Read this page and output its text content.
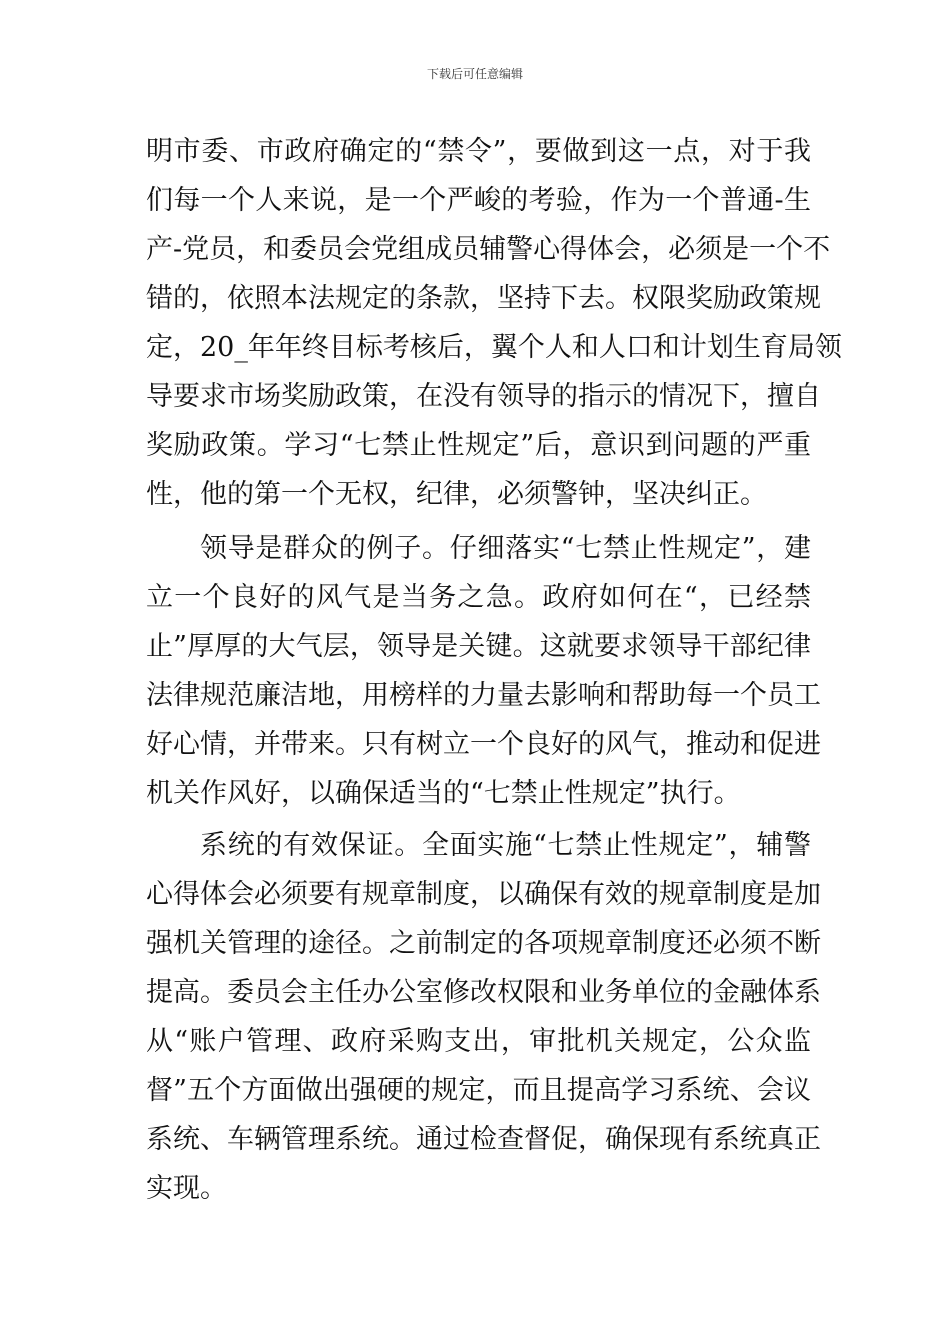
下载后可任意编辑
明市委、市政府确定的“禁令”，要做到这一点，对于我
们每一个人来说，是一个严峻的考验，作为一个普通-生
产-党员，和委员会党组成员辅警心得体会，必须是一个不
错的，依照本法规定的条款，坚持下去。权限奖励政策规
定，20_年年终目标考核后，翼个人和人口和计划生育局领
导要求市场奖励政策，在没有领导的指示的情况下，擅自
奖励政策。学习“七禁止性规定”后，意识到问题的严重
性，他的第一个无权，纪律，必须警钟，坚决纠正。
领导是群众的例子。仔细落实“七禁止性规定”，建
立一个良好的风气是当务之急。政府如何在“，已经禁
止”厚厚的大气层，领导是关键。这就要求领导干部纪律
法律规范廉洁地，用榜样的力量去影响和帮助每一个员工
好心情，并带来。只有树立一个良好的风气，推动和促进
机关作风好，以确保适当的“七禁止性规定”执行。
系统的有效保证。全面实施“七禁止性规定”，辅警
心得体会必须要有规章制度，以确保有效的规章制度是加
强机关管理的途径。之前制定的各项规章制度还必须不断
提高。委员会主任办公室修改权限和业务单位的金融体系
从“账户管理、政府采购支出，审批机关规定，公众监
督”五个方面做出强硬的规定，而且提高学习系统、会议
系统、车辆管理系统。通过检查督促，确保现有系统真正
实现。
